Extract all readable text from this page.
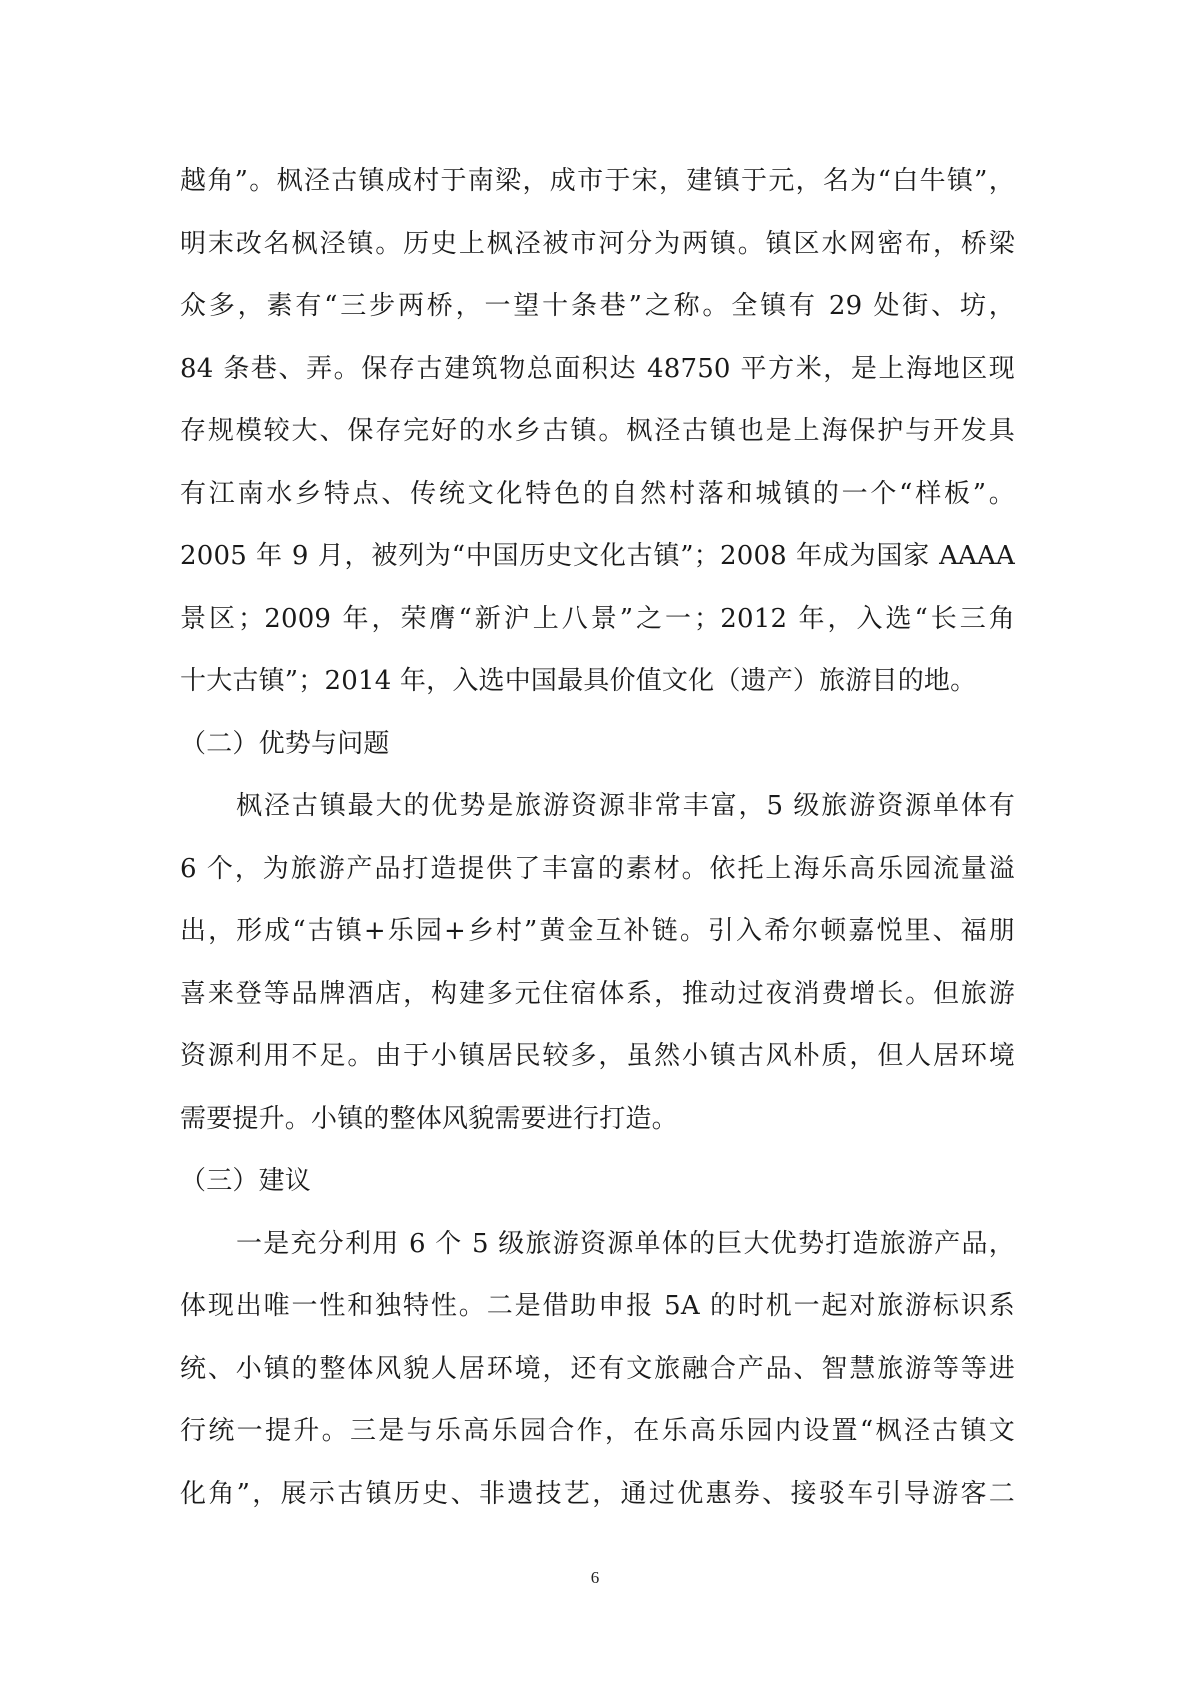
越角”。枫泾古镇成村于南梁，成市于宋，建镇于元，名为“白牛镇”，
明末改名枫泾镇。历史上枫泾被市河分为两镇。镇区水网密布，桥梁
众多，素有“三步两桥，一望十条巷”之称。全镇有 29 处街、坊，
84 条巷、弄。保存古建筑物总面积达 48750 平方米，是上海地区现
存规模较大、保存完好的水乡古镇。枫泾古镇也是上海保护与开发具
有江南水乡特点、传统文化特色的自然村落和城镇的一个“样板”。
2005 年 9 月，被列为“中国历史文化古镇”；2008 年成为国家 AAAA
景区；2009 年，荣膺“新沪上八景”之一；2012 年，入选“长三角
十大古镇”；2014 年，入选中国最具价值文化（遗产）旅游目的地。
（二）优势与问题
枫泾古镇最大的优势是旅游资源非常丰富，5 级旅游资源单体有
6 个，为旅游产品打造提供了丰富的素材。依托上海乐高乐园流量溢
出，形成“古镇+乐园+乡村”黄金互补链。引入希尔顿嘉悦里、福朋
喜来登等品牌酒店，构建多元住宿体系，推动过夜消费增长。但旅游
资源利用不足。由于小镇居民较多，虽然小镇古风朴质，但人居环境
需要提升。小镇的整体风貌需要进行打造。
（三）建议
一是充分利用 6 个 5 级旅游资源单体的巨大优势打造旅游产品，
体现出唯一性和独特性。二是借助申报 5A 的时机一起对旅游标识系
统、小镇的整体风貌人居环境，还有文旅融合产品、智慧旅游等等进
行统一提升。三是与乐高乐园合作，在乐高乐园内设置“枫泾古镇文
化角”，展示古镇历史、非遗技艺，通过优惠券、接驳车引导游客二
6
